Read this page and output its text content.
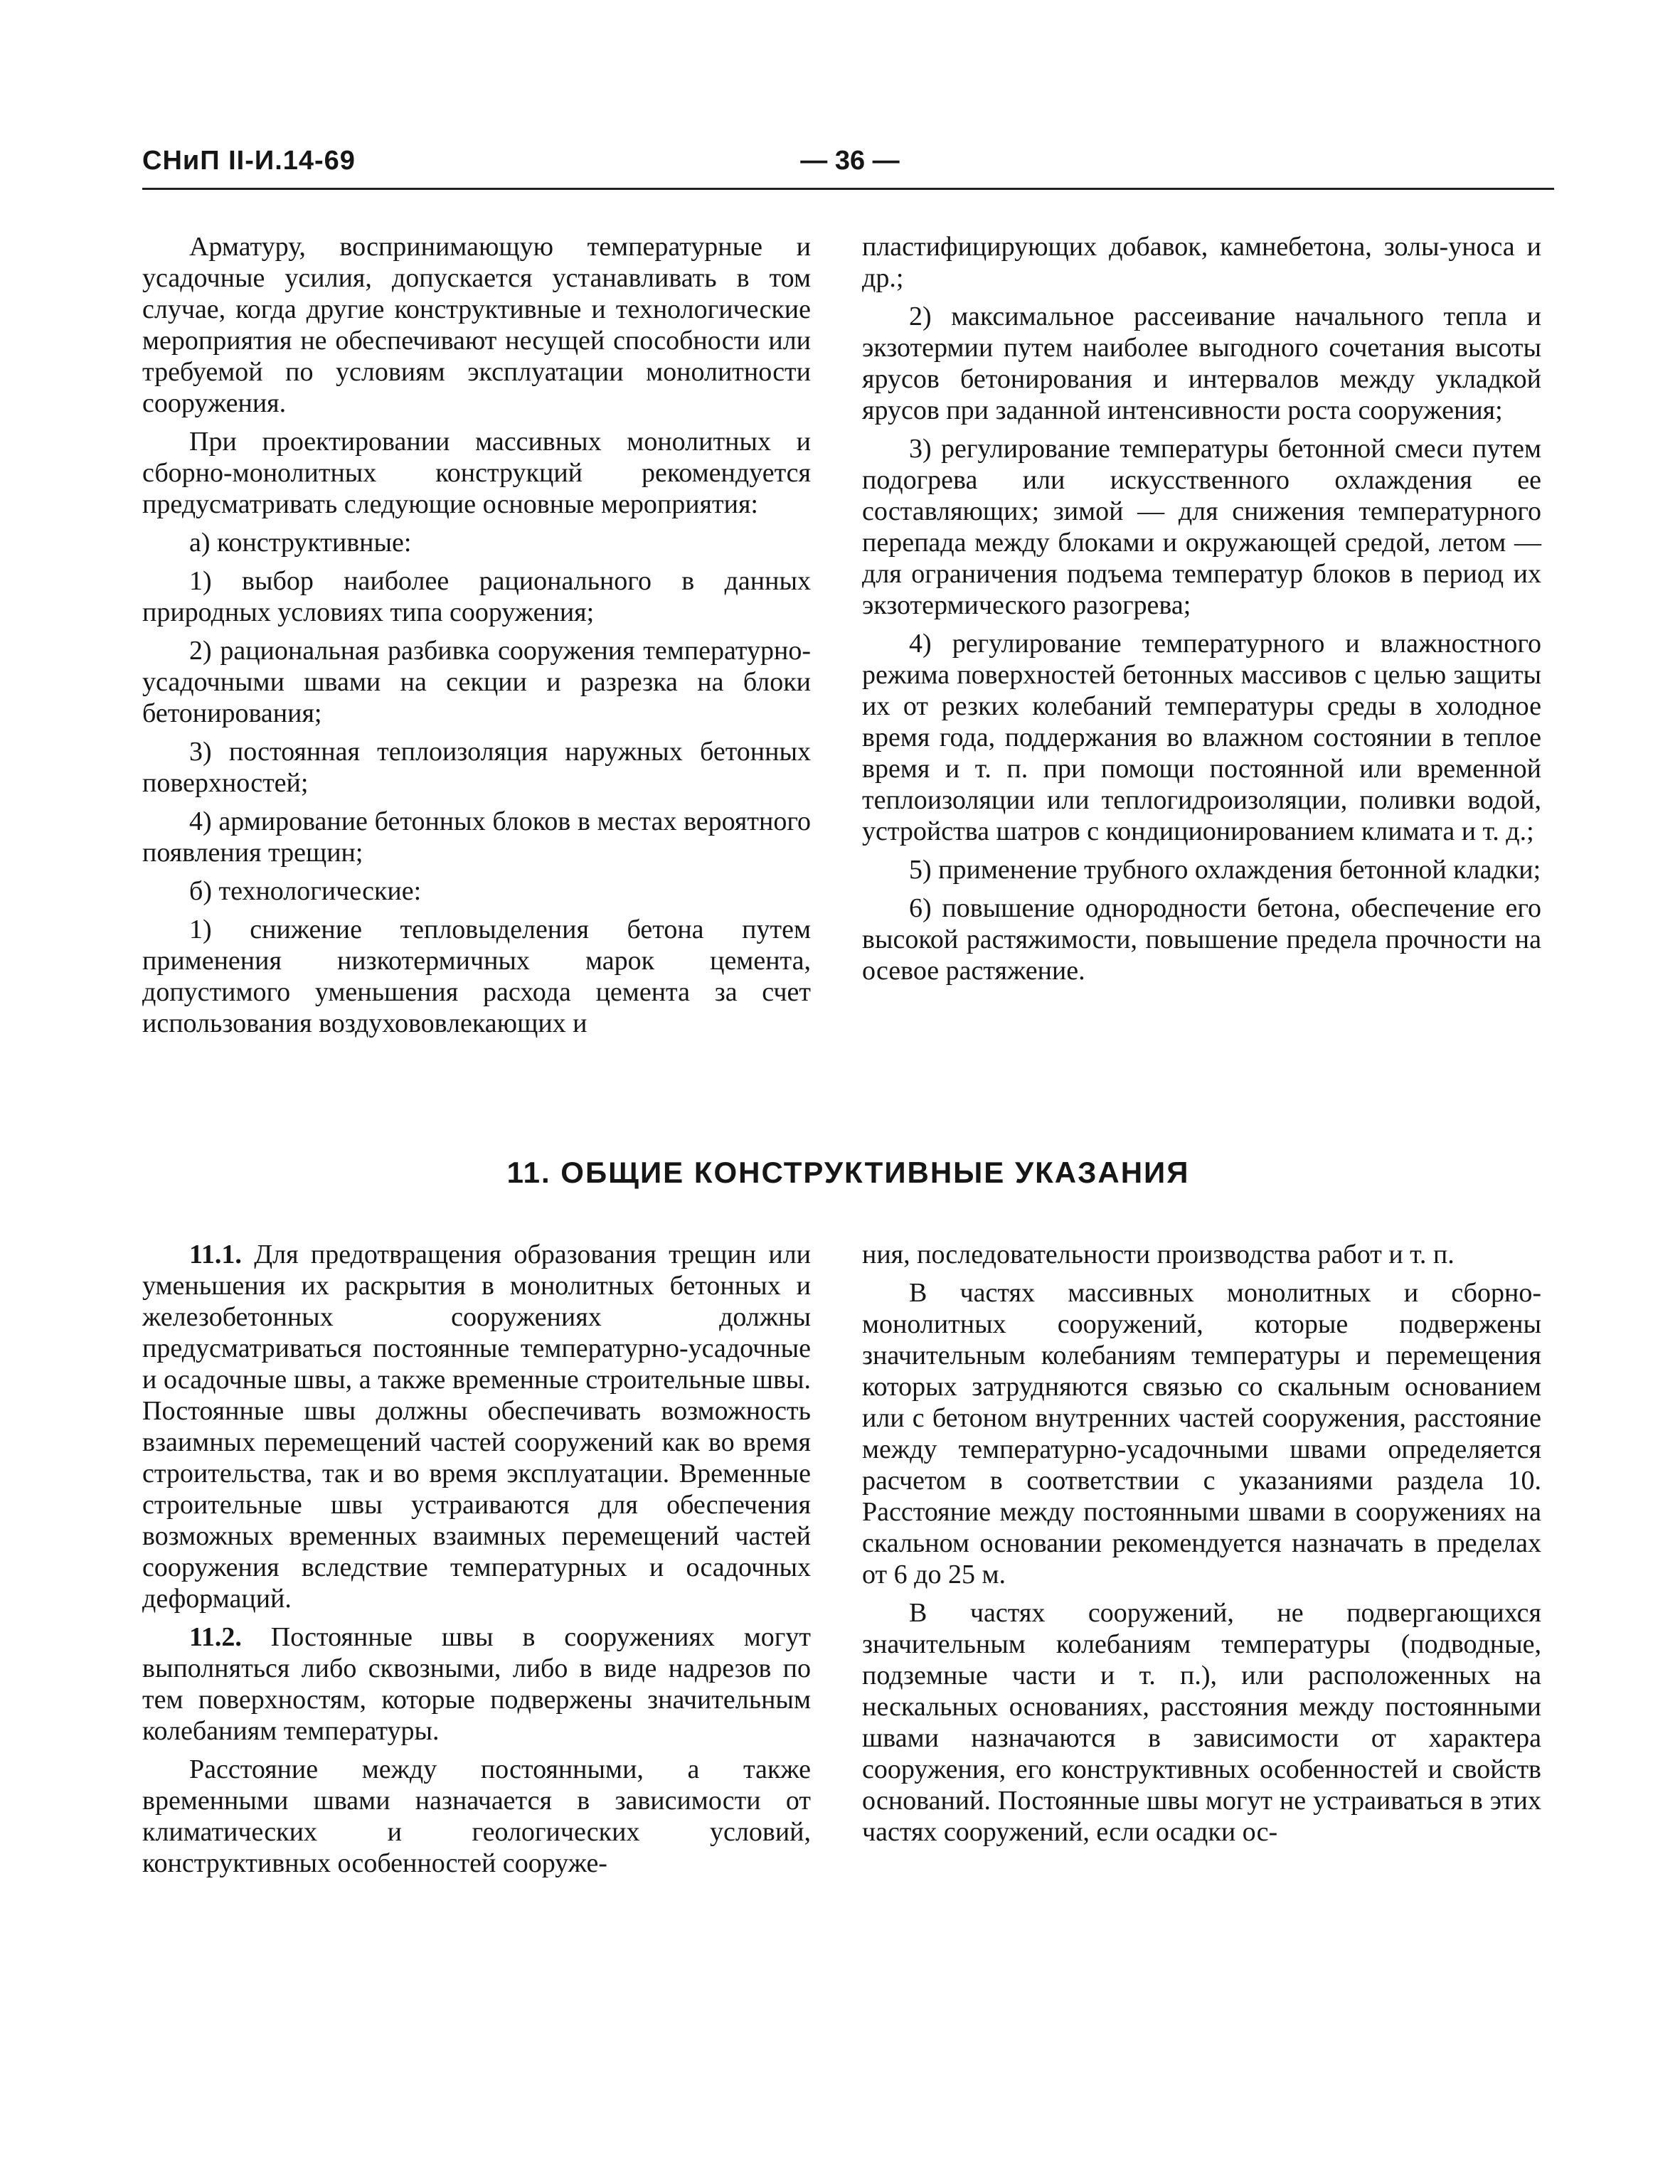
СНиП II-И.14-69	— 36 —

Арматуру, воспринимающую температурные и усадочные усилия, допускается устанавливать в том случае, когда другие конструктивные и технологические мероприятия не обеспечивают несущей способности или требуемой по условиям эксплуатации монолитности сооружения.

При проектировании массивных монолитных и сборно-монолитных конструкций рекомендуется предусматривать следующие основные мероприятия:

а) конструктивные:

1) выбор наиболее рационального в данных природных условиях типа сооружения;

2) рациональная разбивка сооружения температурно-усадочными швами на секции и разрезка на блоки бетонирования;

3) постоянная теплоизоляция наружных бетонных поверхностей;

4) армирование бетонных блоков в местах вероятного появления трещин;

б) технологические:

1) снижение тепловыделения бетона путем применения низкотермичных марок цемента, допустимого уменьшения расхода цемента за счет использования воздухововлекающих и

пластифицирующих добавок, камнебетона, золы-уноса и др.;

2) максимальное рассеивание начального тепла и экзотермии путем наиболее выгодного сочетания высоты ярусов бетонирования и интервалов между укладкой ярусов при заданной интенсивности роста сооружения;

3) регулирование температуры бетонной смеси путем подогрева или искусственного охлаждения ее составляющих; зимой — для снижения температурного перепада между блоками и окружающей средой, летом — для ограничения подъема температур блоков в период их экзотермического разогрева;

4) регулирование температурного и влажностного режима поверхностей бетонных массивов с целью защиты их от резких колебаний температуры среды в холодное время года, поддержания во влажном состоянии в теплое время и т. п. при помощи постоянной или временной теплоизоляции или теплогидроизоляции, поливки водой, устройства шатров с кондиционированием климата и т. д.;

5) применение трубного охлаждения бетонной кладки;

6) повышение однородности бетона, обеспечение его высокой растяжимости, повышение предела прочности на осевое растяжение.

11. ОБЩИЕ КОНСТРУКТИВНЫЕ УКАЗАНИЯ

11.1. Для предотвращения образования трещин или уменьшения их раскрытия в монолитных бетонных и железобетонных сооружениях должны предусматриваться постоянные температурно-усадочные и осадочные швы, а также временные строительные швы. Постоянные швы должны обеспечивать возможность взаимных перемещений частей сооружений как во время строительства, так и во время эксплуатации. Временные строительные швы устраиваются для обеспечения возможных временных взаимных перемещений частей сооружения вследствие температурных и осадочных деформаций.

11.2. Постоянные швы в сооружениях могут выполняться либо сквозными, либо в виде надрезов по тем поверхностям, которые подвержены значительным колебаниям температуры.

Расстояние между постоянными, а также временными швами назначается в зависимости от климатических и геологических условий, конструктивных особенностей сооруже-

ния, последовательности производства работ и т. п.

В частях массивных монолитных и сборно-монолитных сооружений, которые подвержены значительным колебаниям температуры и перемещения которых затрудняются связью со скальным основанием или с бетоном внутренних частей сооружения, расстояние между температурно-усадочными швами определяется расчетом в соответствии с указаниями раздела 10. Расстояние между постоянными швами в сооружениях на скальном основании рекомендуется назначать в пределах от 6 до 25 м.

В частях сооружений, не подвергающихся значительным колебаниям температуры (подводные, подземные части и т. п.), или расположенных на нескальных основаниях, расстояния между постоянными швами назначаются в зависимости от характера сооружения, его конструктивных особенностей и свойств оснований. Постоянные швы могут не устраиваться в этих частях сооружений, если осадки ос-
